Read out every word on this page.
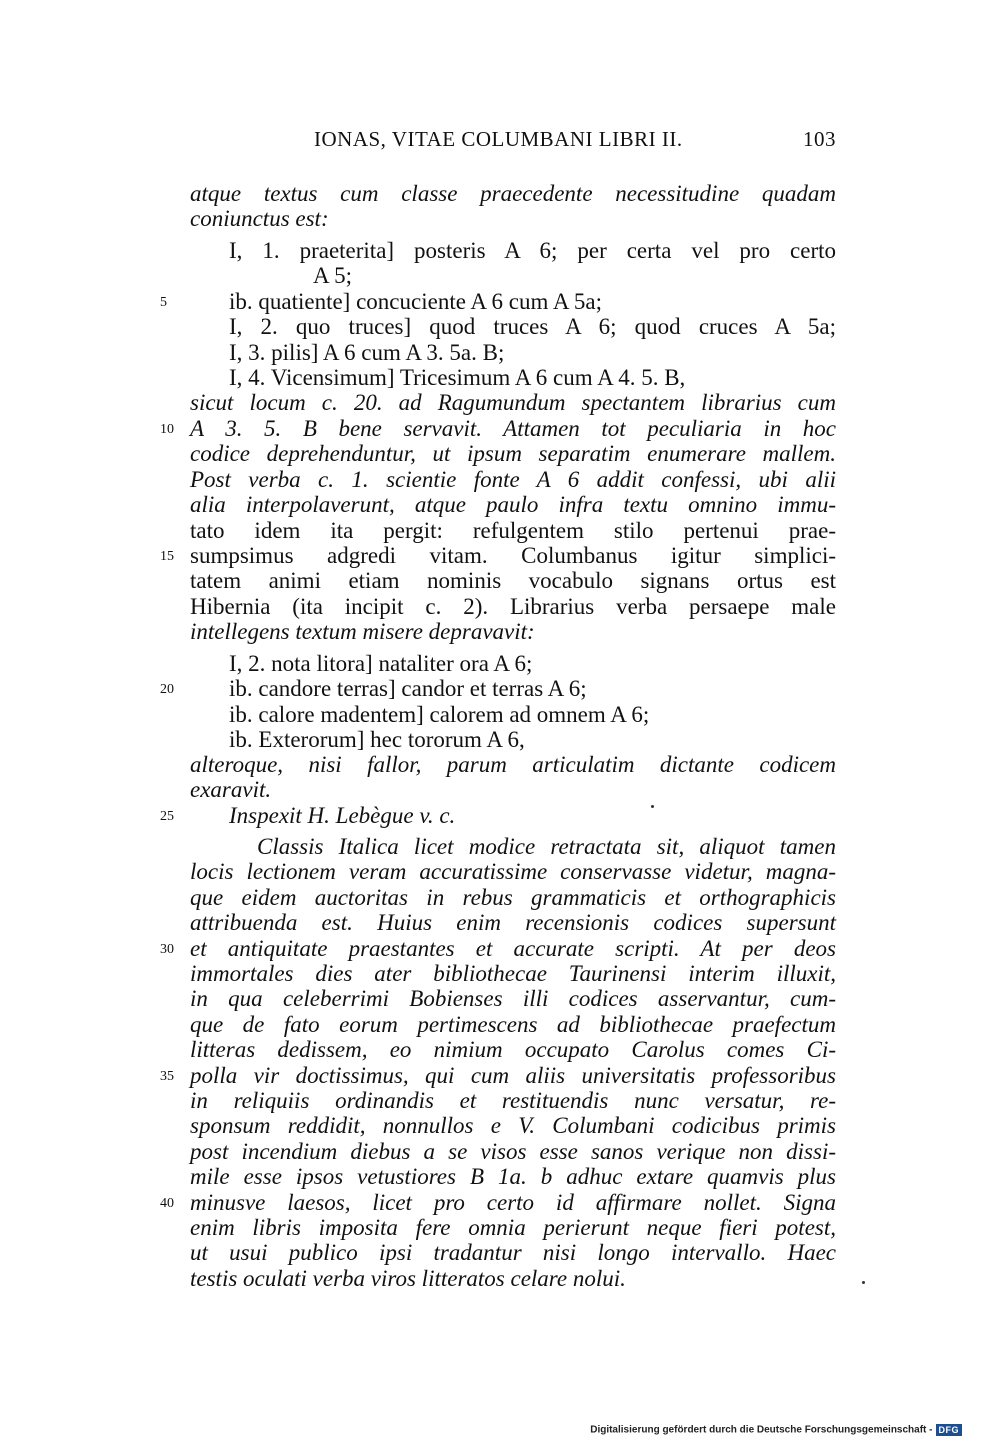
IONAS, VITAE COLUMBANI LIBRI II.	103
atque textus cum classe praecedente necessitudine quadam
coniunctus est:
I, 1. praeterita] posteris A 6; per certa vel pro certo
A 5;
ib. quatiente] concuciente A 6 cum A 5a;
I, 2. quo truces] quod truces A 6; quod cruces A 5a;
I, 3. pilis] A 6 cum A 3. 5a. B;
I, 4. Vicensimum] Tricesimum A 6 cum A 4. 5. B,
sicut locum c. 20. ad Ragumundum spectantem librarius cum
A 3. 5. B bene servavit. Attamen tot peculiaria in hoc
codice deprehenduntur, ut ipsum separatim enumerare mallem.
Post verba c. 1. scientie fonte A 6 addit confessi, ubi alii
alia interpolaverunt, atque paulo infra textu omnino immu-
tato idem ita pergit: refulgentem stilo pertenui prae-
sumpsimus adgredi vitam. Columbanus igitur simplici-
tatem animi etiam nominis vocabulo signans ortus est
Hibernia (ita incipit c. 2). Librarius verba persaepe male
intellegens textum misere depravavit:
I, 2. nota litora] nataliter ora A 6;
ib. candore terras] candor et terras A 6;
ib. calore madentem] calorem ad omnem A 6;
ib. Exterorum] hec tororum A 6,
alteroque, nisi fallor, parum articulatim dictante codicem
exaravit.
Inspexit H. Lebègue v. c.
Classis Italica licet modice retractata sit, aliquot tamen
locis lectionem veram accuratissime conservasse videtur, magna-
que eidem auctoritas in rebus grammaticis et orthographicis
attribuenda est. Huius enim recensionis codices supersunt
et antiquitate praestantes et accurate scripti. At per deos
immortales dies ater bibliothecae Taurinensi interim illuxit,
in qua celeberrimi Bobienses illi codices asservantur, cum-
que de fato eorum pertimescens ad bibliothecae praefectum
litteras dedissem, eo nimium occupato Carolus comes Ci-
polla vir doctissimus, qui cum aliis universitatis professoribus
in reliquiis ordinandis et restituendis nunc versatur, re-
sponsum reddidit, nonnullos e V. Columbani codicibus primis
post incendium diebus a se visos esse sanos verique non dissi-
mile esse ipsos vetustiores B 1a. b adhuc extare quamvis plus
minusve laesos, licet pro certo id affirmare nollet. Signa
enim libris imposita fere omnia perierunt neque fieri potest,
ut usui publico ipsi tradantur nisi longo intervallo. Haec
testis oculati verba viros litteratos celare nolui.
5
10
15
20
25
30
35
40
Digitalisierung gefördert durch die Deutsche Forschungsgemeinschaft - DFG
